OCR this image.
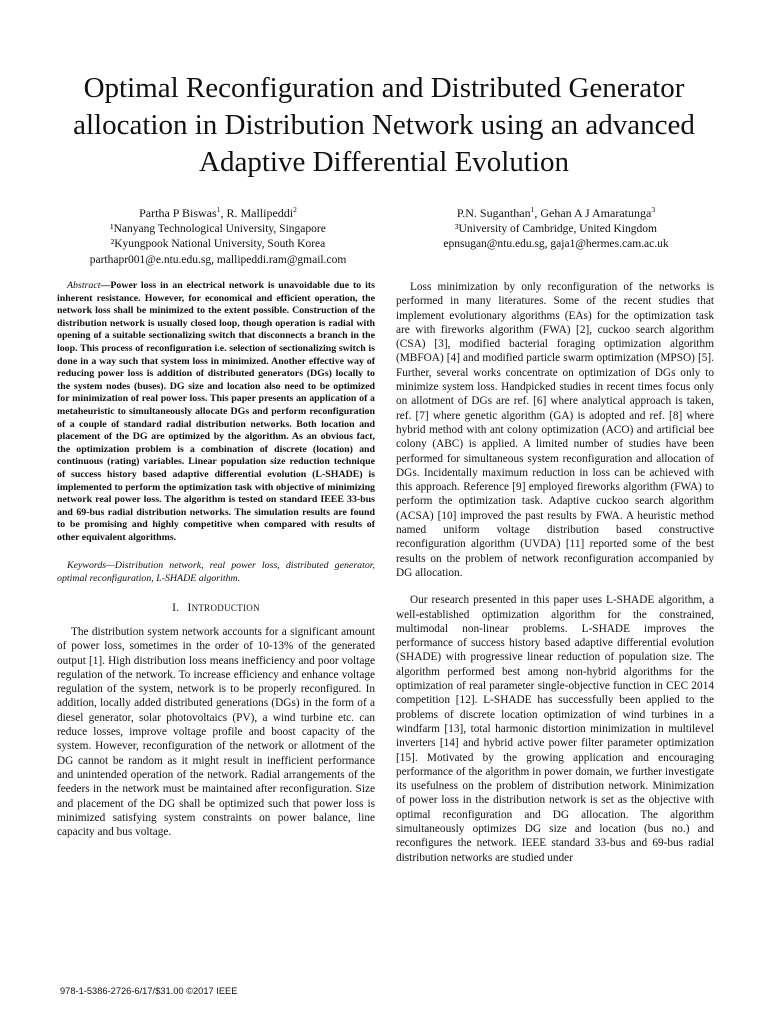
Optimal Reconfiguration and Distributed Generator
allocation in Distribution Network using an advanced
Adaptive Differential Evolution
Partha P Biswas$^1$, R. Mallipeddi$^2$
¹Nanyang Technological University, Singapore
²Kyungpook National University, South Korea
parthapr001@e.ntu.edu.sg, mallipeddi.ram@gmail.com
P.N. Suganthan$^1$, Gehan A J Amaratunga$^3$
³University of Cambridge, United Kingdom
epnsugan@ntu.edu.sg, gaja1@hermes.cam.ac.uk

Abstract—Power loss in an electrical network is unavoidable due to its inherent resistance. However, for economical and efficient operation, the network loss shall be minimized to the extent possible. Construction of the distribution network is usually closed loop, though operation is radial with opening of a suitable sectionalizing switch that disconnects a branch in the loop. This process of reconfiguration i.e. selection of sectionalizing switch is done in a way such that system loss in minimized. Another effective way of reducing power loss is addition of distributed generators (DGs) locally to the system nodes (buses). DG size and location also need to be optimized for minimization of real power loss. This paper presents an application of a metaheuristic to simultaneously allocate DGs and perform reconfiguration of a couple of standard radial distribution networks. Both location and placement of the DG are optimized by the algorithm. As an obvious fact, the optimization problem is a combination of discrete (location) and continuous (rating) variables. Linear population size reduction technique of success history based adaptive differential evolution (L-SHADE) is implemented to perform the optimization task with objective of minimizing network real power loss. The algorithm is tested on standard IEEE 33-bus and 69-bus radial distribution networks. The simulation results are found to be promising and highly competitive when compared with results of other equivalent algorithms.

Keywords—Distribution network, real power loss, distributed generator, optimal reconfiguration, L-SHADE algorithm.

I. INTRODUCTION

The distribution system network accounts for a significant amount of power loss, sometimes in the order of 10-13% of the generated output [1]. High distribution loss means inefficiency and poor voltage regulation of the network. To increase efficiency and enhance voltage regulation of the system, network is to be properly reconfigured. In addition, locally added distributed generations (DGs) in the form of a diesel generator, solar photovoltaics (PV), a wind turbine etc. can reduce losses, improve voltage profile and boost capacity of the system. However, reconfiguration of the network or allotment of the DG cannot be random as it might result in inefficient performance and unintended operation of the network. Radial arrangements of the feeders in the network must be maintained after reconfiguration. Size and placement of the DG shall be optimized such that power loss is minimized satisfying system constraints on power balance, line capacity and bus voltage.

Loss minimization by only reconfiguration of the networks is performed in many literatures. Some of the recent studies that implement evolutionary algorithms (EAs) for the optimization task are with fireworks algorithm (FWA) [2], cuckoo search algorithm (CSA) [3], modified bacterial foraging optimization algorithm (MBFOA) [4] and modified particle swarm optimization (MPSO) [5]. Further, several works concentrate on optimization of DGs only to minimize system loss. Handpicked studies in recent times focus only on allotment of DGs are ref. [6] where analytical approach is taken, ref. [7] where genetic algorithm (GA) is adopted and ref. [8] where hybrid method with ant colony optimization (ACO) and artificial bee colony (ABC) is applied. A limited number of studies have been performed for simultaneous system reconfiguration and allocation of DGs. Incidentally maximum reduction in loss can be achieved with this approach. Reference [9] employed fireworks algorithm (FWA) to perform the optimization task. Adaptive cuckoo search algorithm (ACSA) [10] improved the past results by FWA. A heuristic method named uniform voltage distribution based constructive reconfiguration algorithm (UVDA) [11] reported some of the best results on the problem of network reconfiguration accompanied by DG allocation.

Our research presented in this paper uses L-SHADE algorithm, a well-established optimization algorithm for the constrained, multimodal non-linear problems. L-SHADE improves the performance of success history based adaptive differential evolution (SHADE) with progressive linear reduction of population size. The algorithm performed best among non-hybrid algorithms for the optimization of real parameter single-objective function in CEC 2014 competition [12]. L-SHADE has successfully been applied to the problems of discrete location optimization of wind turbines in a windfarm [13], total harmonic distortion minimization in multilevel inverters [14] and hybrid active power filter parameter optimization [15]. Motivated by the growing application and encouraging performance of the algorithm in power domain, we further investigate its usefulness on the problem of distribution network. Minimization of power loss in the distribution network is set as the objective with optimal reconfiguration and DG allocation. The algorithm simultaneously optimizes DG size and location (bus no.) and reconfigures the network. IEEE standard 33-bus and 69-bus radial distribution networks are studied under

978-1-5386-2726-6/17/$31.00 ©2017 IEEE
